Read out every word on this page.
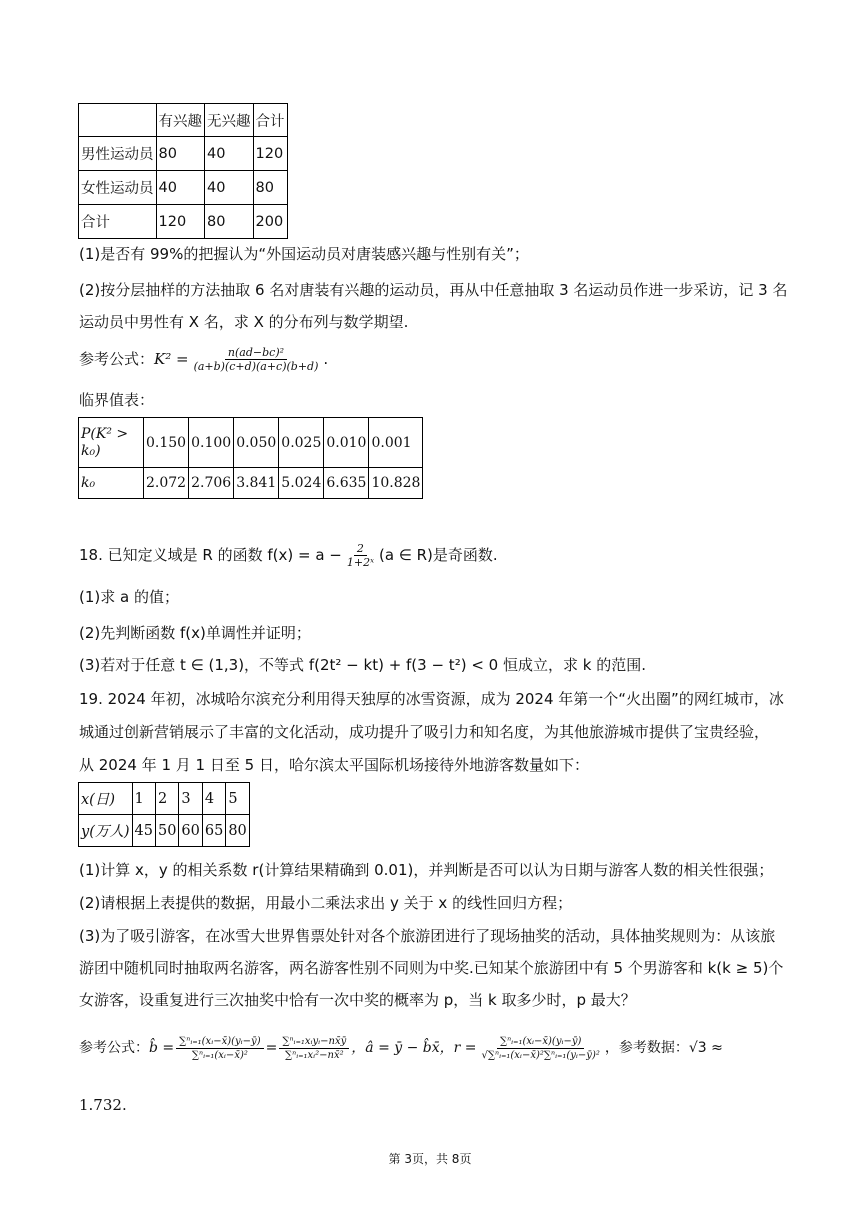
	有兴趣	无兴趣	合计
男性运动员	80	40	120
女性运动员	40	40	80
合计	120	80	200
(1)是否有 99%的把握认为“外国运动员对唐装感兴趣与性别有关”；
(2)按分层抽样的方法抽取 6 名对唐装有兴趣的运动员，再从中任意抽取 3 名运动员作进一步采访，记 3 名
运动员中男性有 X 名，求 X 的分布列与数学期望.
参考公式： $K^2 = \frac{\text{n(ad−bc)²}}{(a+b)(c+d)(a+c)(b+d)}$ .
临界值表：
P(K² > k₀)	0.150	0.100	0.050	0.025	0.010	0.001
k₀	2.072	2.706	3.841	5.024	6.635	10.828
18. 已知定义域是 R 的函数 $f(x) = a - \frac{2}{\text{1+2ˣ}} (a$ ∈ R)是奇函数.
(1)求 a 的值；
(2)先判断函数 f(x)单调性并证明；
(3)若对于任意 t ∈ (1,3)，不等式 f(2t² − kt) + f(3 − t²) < 0 恒成立，求 k 的范围.
19. 2024 年初，冰城哈尔滨充分利用得天独厚的冰雪资源，成为 2024 年第一个“火出圈”的网红城市，冰
城通过创新营销展示了丰富的文化活动，成功提升了吸引力和知名度，为其他旅游城市提供了宝贵经验，
从 2024 年 1 月 1 日至 5 日，哈尔滨太平国际机场接待外地游客数量如下：
x(日)	1	2	3	4	5
y(万人)	45	50	60	65	80
(1)计算 x，y 的相关系数 r(计算结果精确到 0.01)，并判断是否可以认为日期与游客人数的相关性很强；
(2)请根据上表提供的数据，用最小二乘法求出 y 关于 x 的线性回归方程；
(3)为了吸引游客，在冰雪大世界售票处针对各个旅游团进行了现场抽奖的活动，具体抽奖规则为：从该旅
游团中随机同时抽取两名游客，两名游客性别不同则为中奖.已知某个旅游团中有 5 个男游客和 k(k ≥ 5)个
女游客，设重复进行三次抽奖中恰有一次中奖的概率为 p，当 k 取多少时，p 最大？
参考公式： b̂ = $\frac{\text{∑ⁿᵢ₌₁(xᵢ−x̄)(yᵢ−ȳ)}}{\text{∑ⁿᵢ₌₁(xᵢ−x̄)²}} = \frac{\text{∑ⁿᵢ₌₁xᵢyᵢ−nx̄ȳ}}{\text{∑ⁿᵢ₌₁xᵢ²−nx̄²}}$ ，â = ȳ − b̂x̄，$r = \frac{\text{∑ⁿᵢ₌₁(xᵢ−x̄)(yᵢ−ȳ)}}{\text{√∑ⁿᵢ₌₁(xᵢ−x̄)²∑ⁿᵢ₌₁(yᵢ−ȳ)²}}$ ，参考数据：√3 ≈
1.732.
第 3页，共 8页
